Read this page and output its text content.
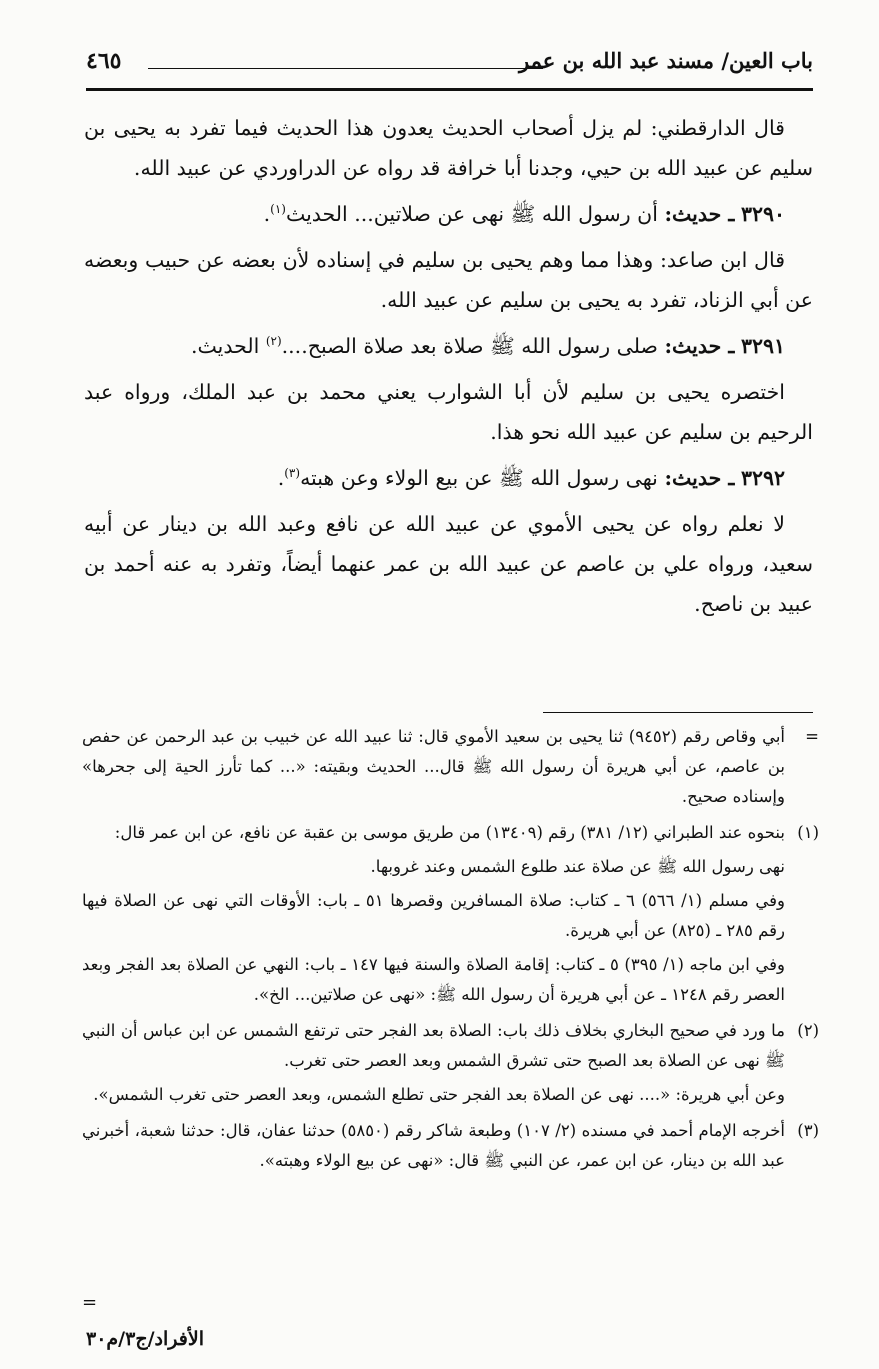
باب العين/ مسند عبد الله بن عمر
٤٦٥

قال الدارقطني: لم يزل أصحاب الحديث يعدون هذا الحديث فيما تفرد به يحيى بن سليم عن عبيد الله بن حيي، وجدنا أبا خرافة قد رواه عن الدراوردي عن عبيد الله.

٣٢٩٠ ـ حديث: أن رسول الله ﷺ نهى عن صلاتين... الحديث$^{(١)}$.

قال ابن صاعد: وهذا مما وهم يحيى بن سليم في إسناده لأن بعضه عن حبيب وبعضه عن أبي الزناد، تفرد به يحيى بن سليم عن عبيد الله.

٣٢٩١ ـ حديث: صلى رسول الله ﷺ صلاة بعد صلاة الصبح....$^{(٢)}$ الحديث.

اختصره يحيى بن سليم لأن أبا الشوارب يعني محمد بن عبد الملك، ورواه عبد الرحيم بن سليم عن عبيد الله نحو هذا.

٣٢٩٢ ـ حديث: نهى رسول الله ﷺ عن بيع الولاء وعن هبته$^{(٣)}$.

لا نعلم رواه عن يحيى الأموي عن عبيد الله عن نافع وعبد الله بن دينار عن أبيه سعيد، ورواه علي بن عاصم عن عبيد الله بن عمر عنهما أيضاً، وتفرد به عنه أحمد بن عبيد بن ناصح.

=

أبي وقاص رقم (٩٤٥٢) ثنا يحيى بن سعيد الأموي قال: ثنا عبيد الله عن خبيب بن عبد الرحمن عن حفص بن عاصم، عن أبي هريرة أن رسول الله ﷺ قال... الحديث وبقيته: «... كما تأرز الحية إلى جحرها» وإسناده صحيح.

(١)

بنحوه عند الطبراني (١٢/ ٣٨١) رقم (١٣٤٠٩) من طريق موسى بن عقبة عن نافع، عن ابن عمر قال:

نهى رسول الله ﷺ عن صلاة عند طلوع الشمس وعند غروبها.

وفي مسلم (١/ ٥٦٦) ٦ ـ كتاب: صلاة المسافرين وقصرها ٥١ ـ باب: الأوقات التي نهى عن الصلاة فيها رقم ٢٨٥ ـ (٨٢٥) عن أبي هريرة.

وفي ابن ماجه (١/ ٣٩٥) ٥ ـ كتاب: إقامة الصلاة والسنة فيها ١٤٧ ـ باب: النهي عن الصلاة بعد الفجر وبعد العصر رقم ١٢٤٨ ـ عن أبي هريرة أن رسول الله ﷺ: «نهى عن صلاتين... الخ».

(٢)

ما ورد في صحيح البخاري بخلاف ذلك باب: الصلاة بعد الفجر حتى ترتفع الشمس عن ابن عباس أن النبي ﷺ نهى عن الصلاة بعد الصبح حتى تشرق الشمس وبعد العصر حتى تغرب.

وعن أبي هريرة: «.... نهى عن الصلاة بعد الفجر حتى تطلع الشمس، وبعد العصر حتى تغرب الشمس».

(٣)

أخرجه الإمام أحمد في مسنده (٢/ ١٠٧) وطبعة شاكر رقم (٥٨٥٠) حدثنا عفان، قال: حدثنا شعبة، أخبرني عبد الله بن دينار، عن ابن عمر، عن النبي ﷺ قال: «نهى عن بيع الولاء وهبته».

=
الأفراد/ج٣/م٣٠
